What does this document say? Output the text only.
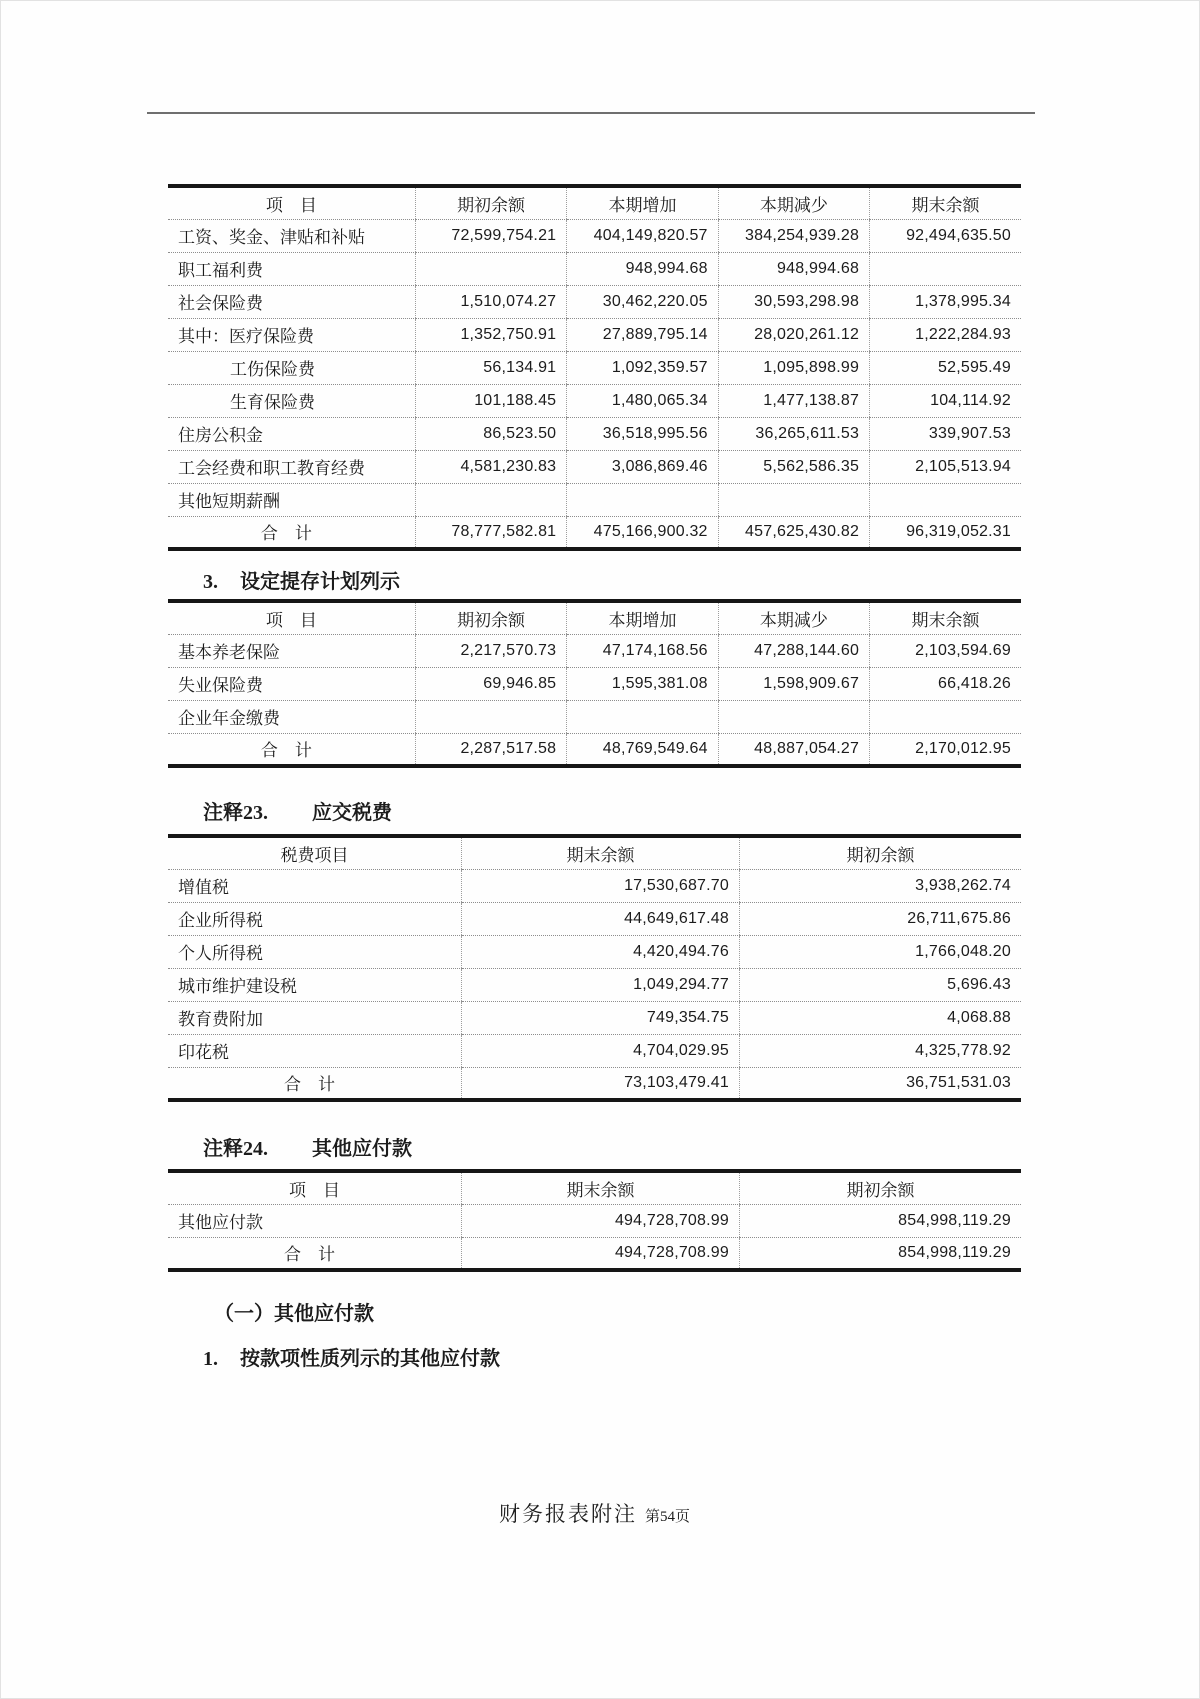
项　目	期初余额	本期增加	本期减少	期末余额
工资、奖金、津贴和补贴	72,599,754.21	404,149,820.57	384,254,939.28	92,494,635.50
职工福利费		948,994.68	948,994.68	
社会保险费	1,510,074.27	30,462,220.05	30,593,298.98	1,378,995.34
其中：医疗保险费	1,352,750.91	27,889,795.14	28,020,261.12	1,222,284.93
工伤保险费	56,134.91	1,092,359.57	1,095,898.99	52,595.49
生育保险费	101,188.45	1,480,065.34	1,477,138.87	104,114.92
住房公积金	86,523.50	36,518,995.56	36,265,611.53	339,907.53
工会经费和职工教育经费	4,581,230.83	3,086,869.46	5,562,586.35	2,105,513.94
其他短期薪酬				
合　计	78,777,582.81	475,166,900.32	457,625,430.82	96,319,052.31
3. 设定提存计划列示
项　目	期初余额	本期增加	本期减少	期末余额
基本养老保险	2,217,570.73	47,174,168.56	47,288,144.60	2,103,594.69
失业保险费	69,946.85	1,595,381.08	1,598,909.67	66,418.26
企业年金缴费				
合　计	2,287,517.58	48,769,549.64	48,887,054.27	2,170,012.95
注释23. 应交税费
税费项目	期末余额	期初余额
增值税	17,530,687.70	3,938,262.74
企业所得税	44,649,617.48	26,711,675.86
个人所得税	4,420,494.76	1,766,048.20
城市维护建设税	1,049,294.77	5,696.43
教育费附加	749,354.75	4,068.88
印花税	4,704,029.95	4,325,778.92
合　计	73,103,479.41	36,751,531.03
注释24. 其他应付款
项　目	期末余额	期初余额
其他应付款	494,728,708.99	854,998,119.29
合　计	494,728,708.99	854,998,119.29
（一）其他应付款
1. 按款项性质列示的其他应付款
财务报表附注 第54页
